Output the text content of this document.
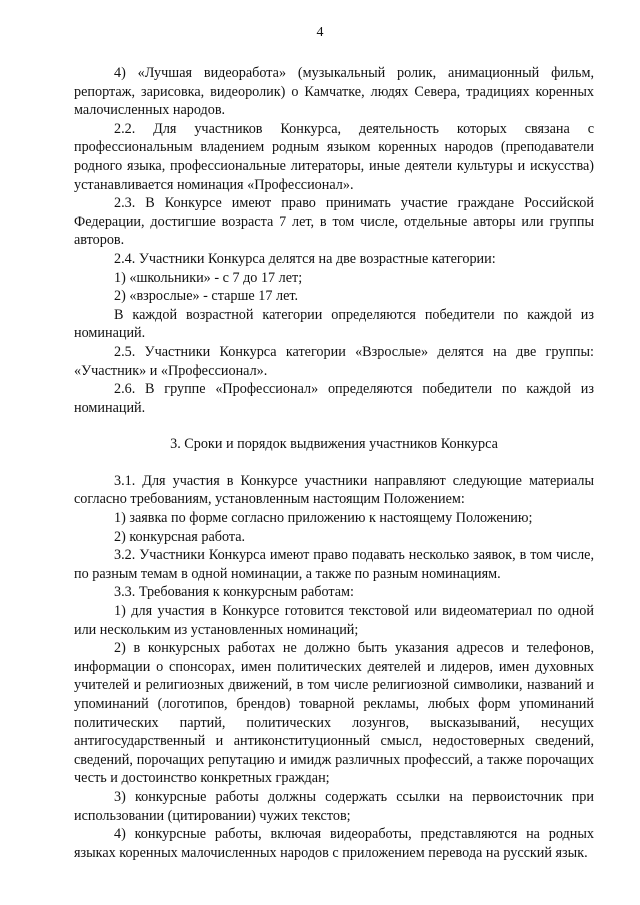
4

4) «Лучшая видеоработа» (музыкальный ролик, анимационный фильм, репортаж, зарисовка, видеоролик) о Камчатке, людях Севера, традициях коренных малочисленных народов.

2.2. Для участников Конкурса, деятельность которых связана с профессиональным владением родным языком коренных народов (преподаватели родного языка, профессиональные литераторы, иные деятели культуры и искусства) устанавливается номинация «Профессионал».

2.3. В Конкурсе имеют право принимать участие граждане Российской Федерации, достигшие возраста 7 лет, в том числе, отдельные авторы или группы авторов.

2.4. Участники Конкурса делятся на две возрастные категории:

1) «школьники» - с 7 до 17 лет;

2) «взрослые» - старше 17 лет.

В каждой возрастной категории определяются победители по каждой из номинаций.

2.5. Участники Конкурса категории «Взрослые» делятся на две группы: «Участник» и «Профессионал».

2.6. В группе «Профессионал» определяются победители по каждой из номинаций.

3. Сроки и порядок выдвижения участников Конкурса

3.1. Для участия в Конкурсе участники направляют следующие материалы согласно требованиям, установленным настоящим Положением:

1) заявка по форме согласно приложению к настоящему Положению;

2) конкурсная работа.

3.2. Участники Конкурса имеют право подавать несколько заявок, в том числе, по разным темам в одной номинации, а также по разным номинациям.

3.3. Требования к конкурсным работам:

1) для участия в Конкурсе готовится текстовой или видеоматериал по одной или нескольким из установленных номинаций;

2) в конкурсных работах не должно быть указания адресов и телефонов, информации о спонсорах, имен политических деятелей и лидеров, имен духовных учителей и религиозных движений, в том числе религиозной символики, названий и упоминаний (логотипов, брендов) товарной рекламы, любых форм упоминаний политических партий, политических лозунгов, высказываний, несущих антигосударственный и антиконституционный смысл, недостоверных сведений, сведений, порочащих репутацию и имидж различных профессий, а также порочащих честь и достоинство конкретных граждан;

3) конкурсные работы должны содержать ссылки на первоисточник при использовании (цитировании) чужих текстов;

4) конкурсные работы, включая видеоработы, представляются на родных языках коренных малочисленных народов с приложением перевода на русский язык.
